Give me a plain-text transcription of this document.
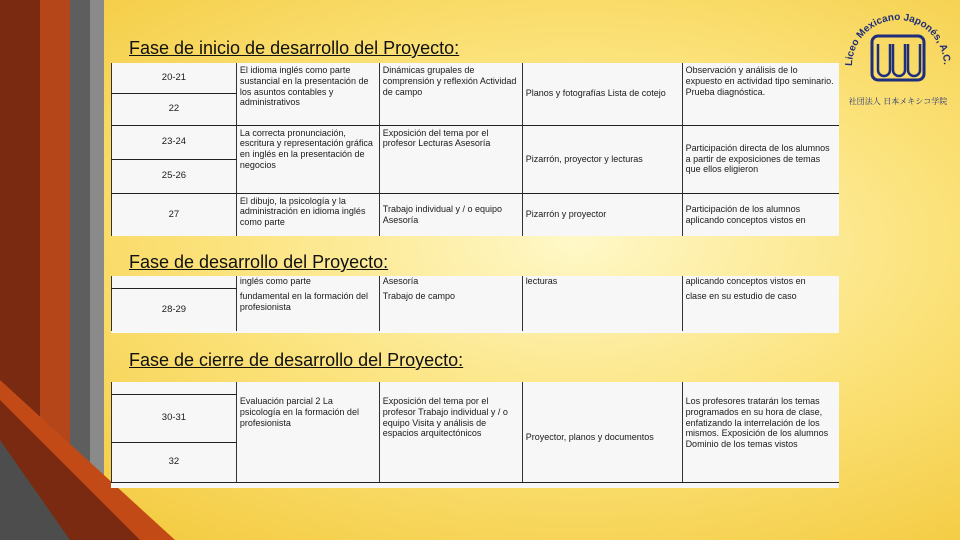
Liceo Mexicano Japonés, A.C.
社団法人 日本メキシコ学院
Fase de inicio de desarrollo del Proyecto:
20-21	El idioma inglés como parte sustancial en la presentación de los asuntos contables y administrativos	Dinámicas grupales de comprensión y reflexión Actividad de campo	Planos y fotografías Lista de cotejo	Observación y análisis de lo expuesto en actividad tipo seminario. Prueba diagnóstica.
22				
23-24	La correcta pronunciación, escritura y representación gráfica en inglés en la presentación de negocios	Exposición del tema por el profesor Lecturas Asesoría	Pizarrón, proyector y lecturas	Participación directa de los alumnos a partir de exposiciones de temas que ellos eligieron
25-26				
27	El dibujo, la psicología y la administración en idioma inglés como parte	Trabajo individual y / o equipo Asesoría	Pizarrón y proyector	Participación de los alumnos aplicando conceptos vistos en
Fase de desarrollo del Proyecto:
	inglés como parte	Asesoría	lecturas	aplicando conceptos vistos en
28-29	fundamental en la formación del profesionista	Trabajo de campo		clase en su estudio de caso
Fase de cierre de desarrollo del Proyecto:

30-31	Evaluación parcial 2 La psicología en la formación del profesionista	Exposición del tema por el profesor Trabajo individual y / o equipo Visita y análisis de espacios arquitectónicos	Proyector, planos y documentos	Los profesores tratarán los temas programados en su hora de clase, enfatizando la interrelación de los mismos. Exposición de los alumnos Dominio de los temas vistos
32				
